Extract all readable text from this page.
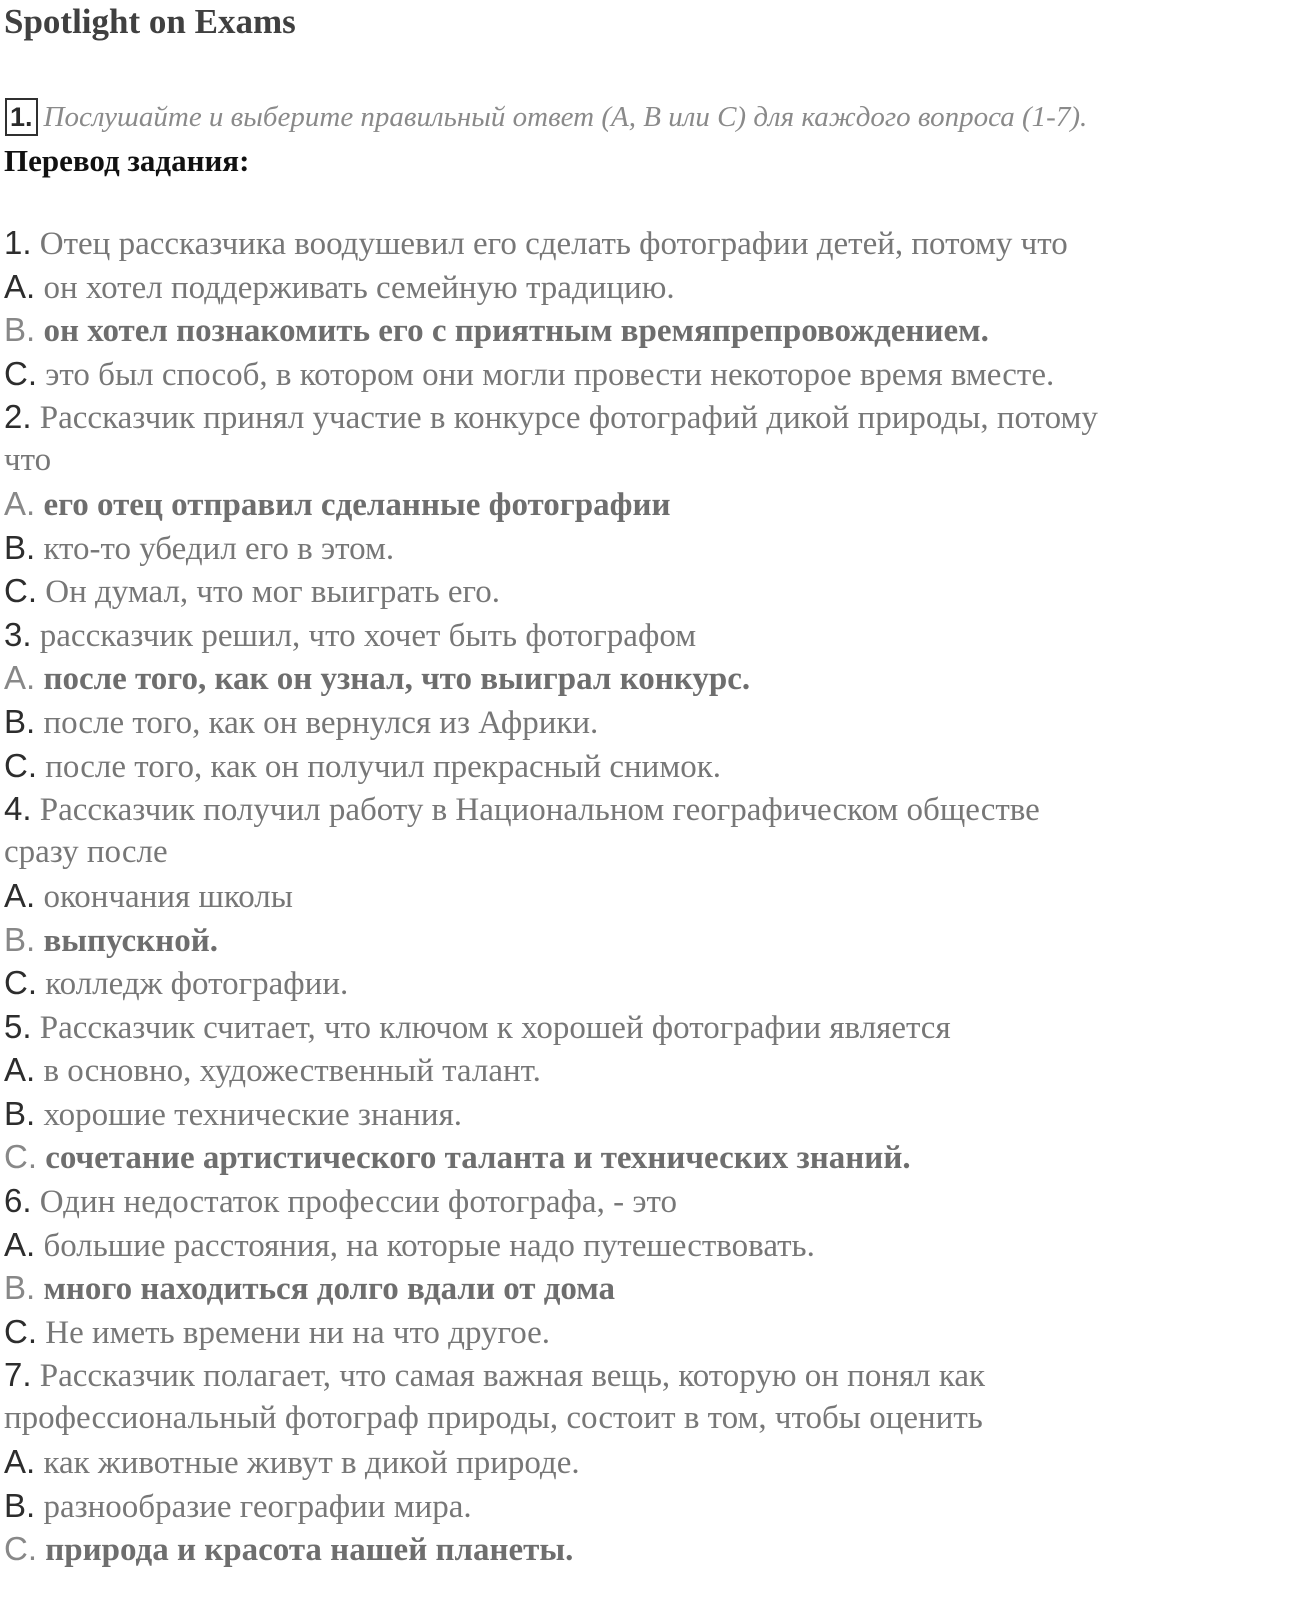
Spotlight on Exams
1. Послушайте и выберите правильный ответ (А, В или С) для каждого вопроса (1-7).
Перевод задания:
1. Отец рассказчика воодушевил его сделать фотографии детей, потому что
A. он хотел поддерживать семейную традицию.
B. он хотел познакомить его с приятным времяпрепровождением.
C. это был способ, в котором они могли провести некоторое время вместе.
2. Рассказчик принял участие в конкурсе фотографий дикой природы, потому
что
A. его отец отправил сделанные фотографии
B. кто-то убедил его в этом.
C. Он думал, что мог выиграть его.
3. рассказчик решил, что хочет быть фотографом
A. после того, как он узнал, что выиграл конкурс.
B. после того, как он вернулся из Африки.
C. после того, как он получил прекрасный снимок.
4. Рассказчик получил работу в Национальном географическом обществе
сразу после
A. окончания школы
B. выпускной.
C. колледж фотографии.
5. Рассказчик считает, что ключом к хорошей фотографии является
A. в основно, художественный талант.
B. хорошие технические знания.
C. сочетание артистического таланта и технических знаний.
6. Один недостаток профессии фотографа, - это
A. большие расстояния, на которые надо путешествовать.
B. много находиться долго вдали от дома
C. Не иметь времени ни на что другое.
7. Рассказчик полагает, что самая важная вещь, которую он понял как
профессиональный фотограф природы, состоит в том, чтобы оценить
A. как животные живут в дикой природе.
B. разнообразие географии мира.
C. природа и красота нашей планеты.
